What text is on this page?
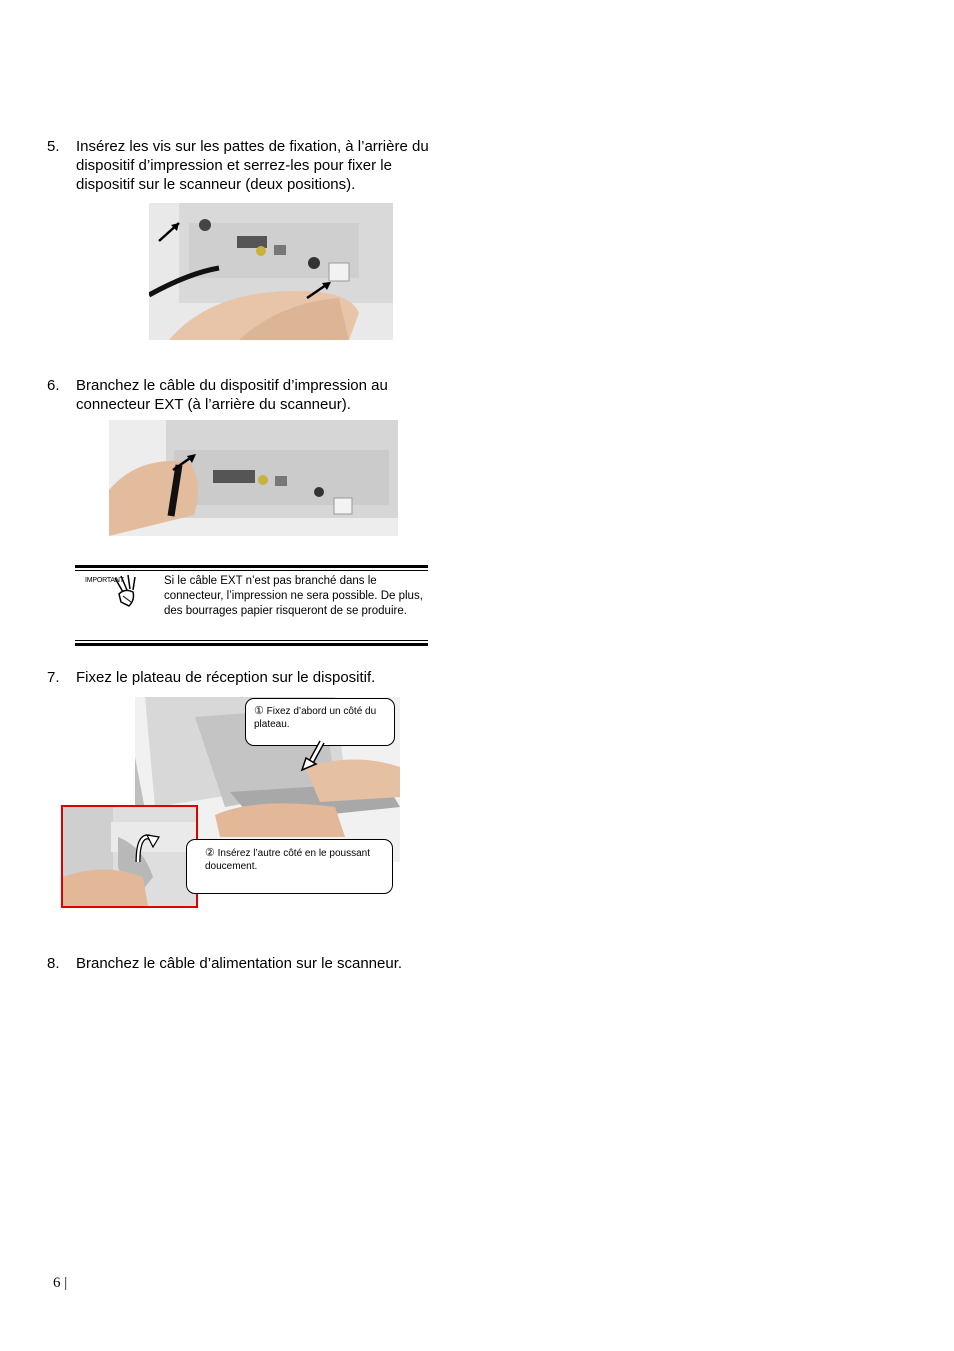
5. Insérez les vis sur les pattes de fixation, à l’arrière du dispositif d’impression et serrez-les pour fixer le dispositif sur le scanneur (deux positions).
6. Branchez le câble du dispositif d’impression au connecteur EXT (à l’arrière du scanneur).
IMPORTANT	Si le câble EXT n’est pas branché dans le connecteur, l’impression ne sera possible. De plus, des bourrages papier risqueront de se produire.
7. Fixez le plateau de réception sur le dispositif.
① Fixez d’abord un côté du plateau.
② Insérez l’autre côté en le poussant doucement.
8. Branchez le câble d’alimentation sur le scanneur.
6 |
